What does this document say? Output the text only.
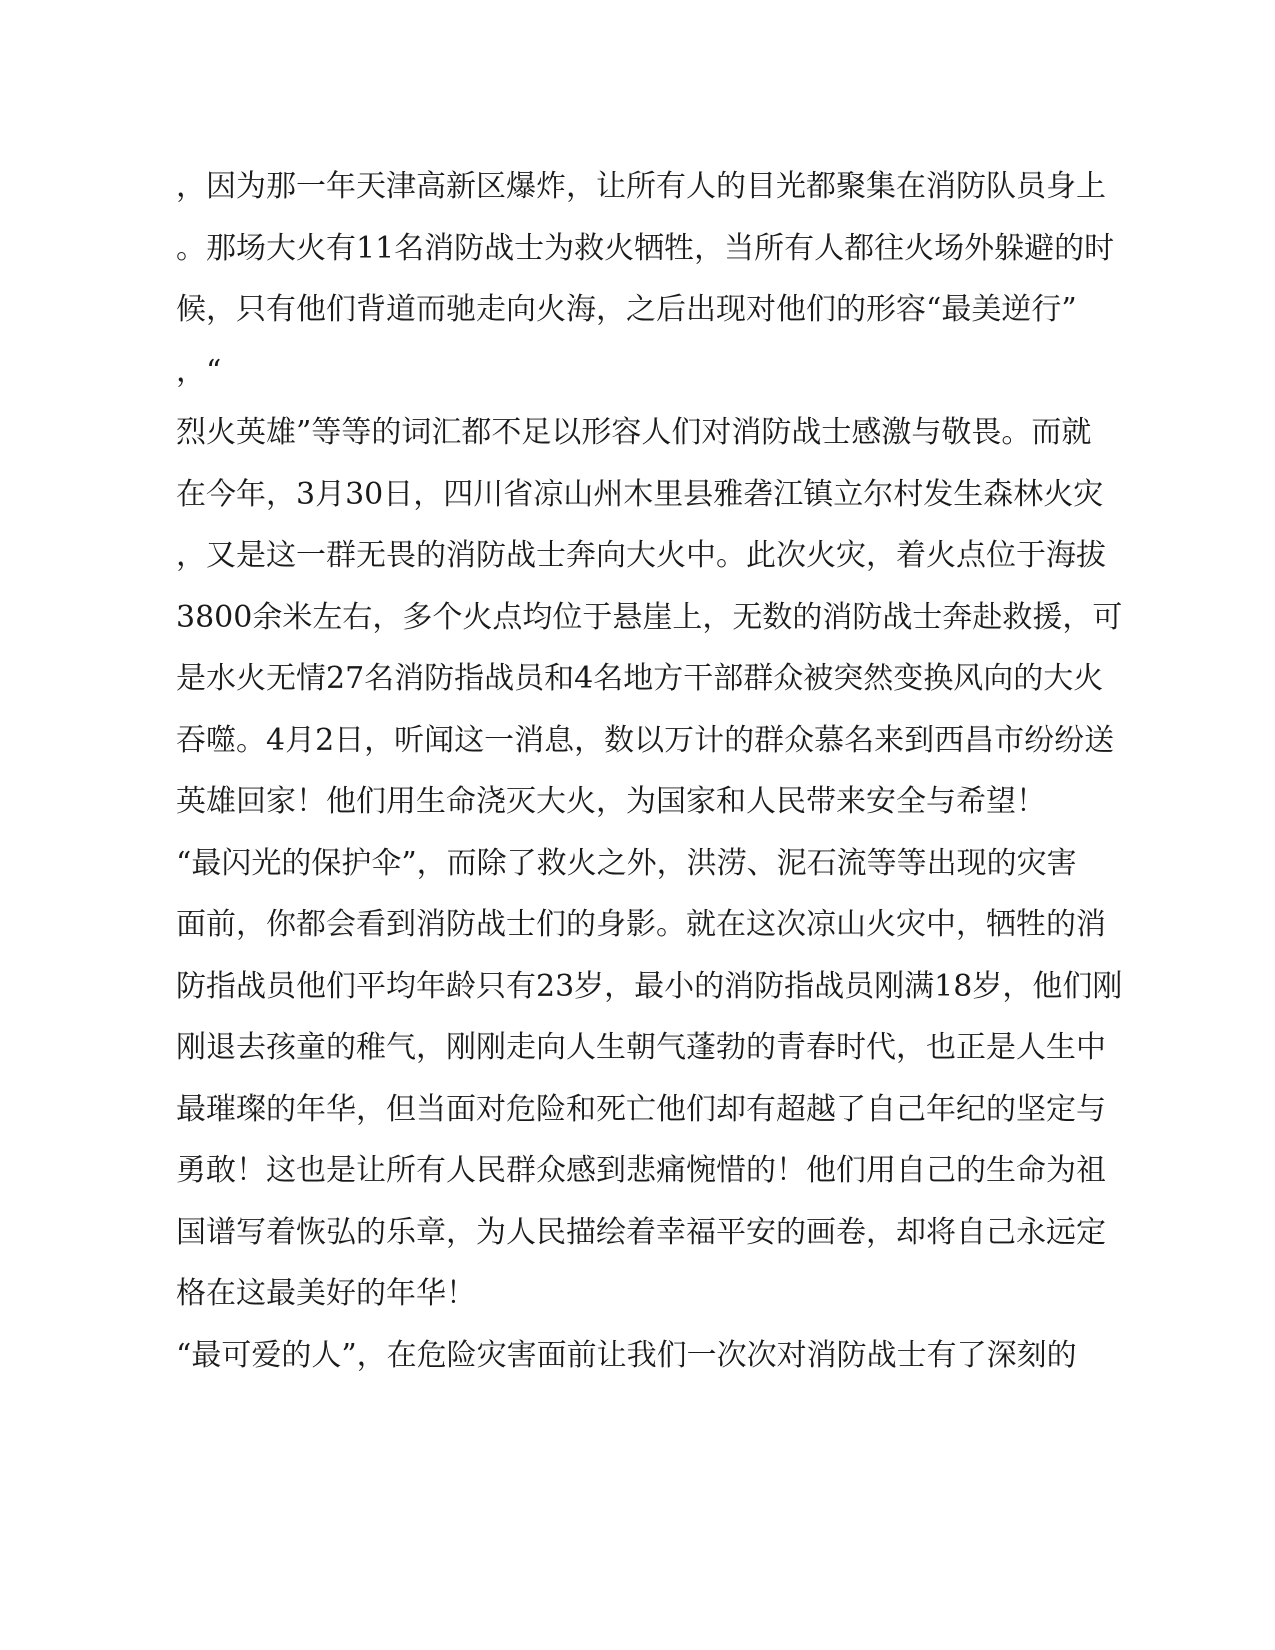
，因为那一年天津高新区爆炸，让所有人的目光都聚集在消防队员身上
。那场大火有11名消防战士为救火牺牲，当所有人都往火场外躲避的时
候，只有他们背道而驰走向火海，之后出现对他们的形容“最美逆行”
，“
烈火英雄”等等的词汇都不足以形容人们对消防战士感激与敬畏。而就
在今年，3月30日，四川省凉山州木里县雅砻江镇立尔村发生森林火灾
，又是这一群无畏的消防战士奔向大火中。此次火灾，着火点位于海拔
3800余米左右，多个火点均位于悬崖上，无数的消防战士奔赴救援，可
是水火无情27名消防指战员和4名地方干部群众被突然变换风向的大火
吞噬。4月2日，听闻这一消息，数以万计的群众慕名来到西昌市纷纷送
英雄回家！他们用生命浇灭大火，为国家和人民带来安全与希望！
“最闪光的保护伞”，而除了救火之外，洪涝、泥石流等等出现的灾害
面前，你都会看到消防战士们的身影。就在这次凉山火灾中，牺牲的消
防指战员他们平均年龄只有23岁，最小的消防指战员刚满18岁，他们刚
刚退去孩童的稚气，刚刚走向人生朝气蓬勃的青春时代，也正是人生中
最璀璨的年华，但当面对危险和死亡他们却有超越了自己年纪的坚定与
勇敢！这也是让所有人民群众感到悲痛惋惜的！他们用自己的生命为祖
国谱写着恢弘的乐章，为人民描绘着幸福平安的画卷，却将自己永远定
格在这最美好的年华！
“最可爱的人”，在危险灾害面前让我们一次次对消防战士有了深刻的
